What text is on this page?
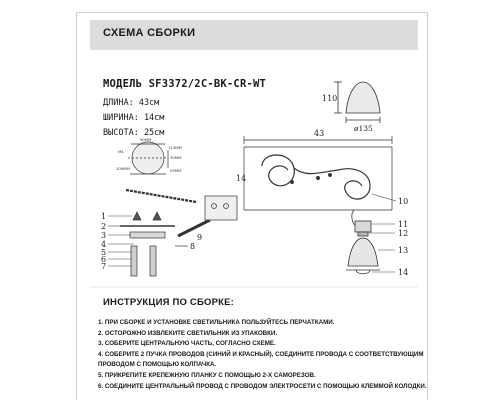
СХЕМА СБОРКИ
МОДЕЛЬ SF3372/2C-BK-CR-WT
ДЛИНА: 43см
ШИРИНА: 14см
ВЫСОТА: 25см
110
ø135
43
14
10
11
12
13
14
90MM
115MM
30MM
M4
100MM	55MM
1
2
3
4
5
6
7
8
9
ИНСТРУКЦИЯ ПО СБОРКЕ:
1. ПРИ СБОРКЕ И УСТАНОВКЕ СВЕТИЛЬНИКА ПОЛЬЗУЙТЕСЬ ПЕРЧАТКАМИ.
2. ОСТОРОЖНО ИЗВЛЕКИТЕ СВЕТИЛЬНИК ИЗ УПАКОВКИ.
3. СОБЕРИТЕ ЦЕНТРАЛЬНУЮ ЧАСТЬ, СОГЛАСНО СХЕМЕ.
4. СОБЕРИТЕ 2 ПУЧКА ПРОВОДОВ (СИНИЙ И КРАСНЫЙ), СОЕДИНИТЕ ПРОВОДА С СООТВЕТСТВУЮЩИМ
ПРОВОДОМ С ПОМОЩЬЮ КОЛПАЧКА.
5. ПРИКРЕПИТЕ КРЕПЕЖНУЮ ПЛАНКУ С ПОМОЩЬЮ 2-Х САМОРЕЗОВ.
6. СОЕДИНИТЕ ЦЕНТРАЛЬНЫЙ ПРОВОД С ПРОВОДОМ ЭЛЕКТРОСЕТИ С ПОМОЩЬЮ КЛЕММОЙ КОЛОДКИ.
